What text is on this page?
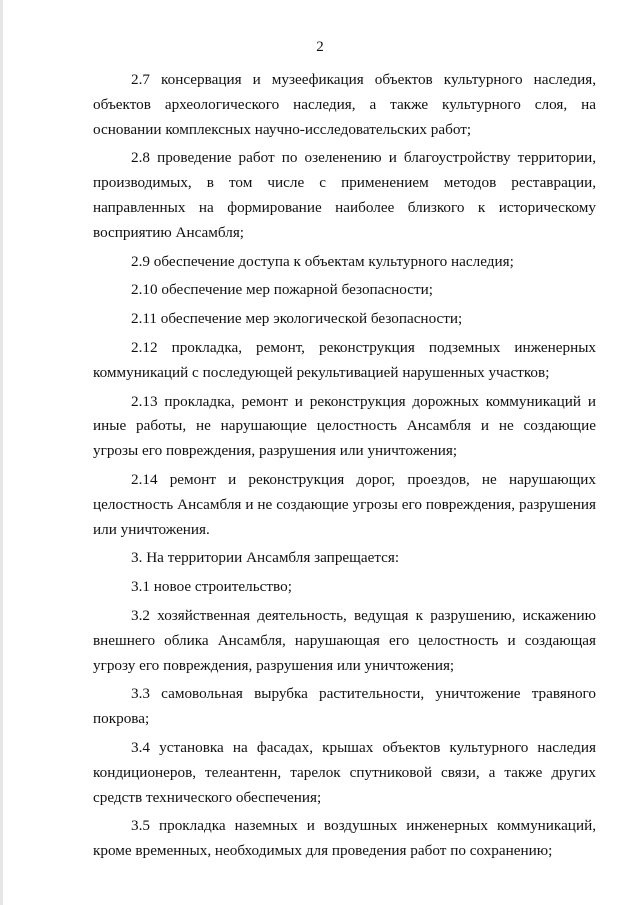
2

2.7 консервация и музеефикация объектов культурного наследия, объектов археологического наследия, а также культурного слоя, на основании комплексных научно-исследовательских работ;

2.8 проведение работ по озеленению и благоустройству территории, производимых, в том числе с применением методов реставрации, направленных на формирование наиболее близкого к историческому восприятию Ансамбля;

2.9 обеспечение доступа к объектам культурного наследия;

2.10 обеспечение мер пожарной безопасности;

2.11 обеспечение мер экологической безопасности;

2.12 прокладка, ремонт, реконструкция подземных инженерных коммуникаций с последующей рекультивацией нарушенных участков;

2.13 прокладка, ремонт и реконструкция дорожных коммуникаций и иные работы, не нарушающие целостность Ансамбля и не создающие угрозы его повреждения, разрушения или уничтожения;

2.14 ремонт и реконструкция дорог, проездов, не нарушающих целостность Ансамбля и не создающие угрозы его повреждения, разрушения или уничтожения.

3. На территории Ансамбля запрещается:

3.1 новое строительство;

3.2 хозяйственная деятельность, ведущая к разрушению, искажению внешнего облика Ансамбля, нарушающая его целостность и создающая угрозу его повреждения, разрушения или уничтожения;

3.3 самовольная вырубка растительности, уничтожение травяного покрова;

3.4 установка на фасадах, крышах объектов культурного наследия кондиционеров, телеантенн, тарелок спутниковой связи, а также других средств технического обеспечения;

3.5 прокладка наземных и воздушных инженерных коммуникаций, кроме временных, необходимых для проведения работ по сохранению;
